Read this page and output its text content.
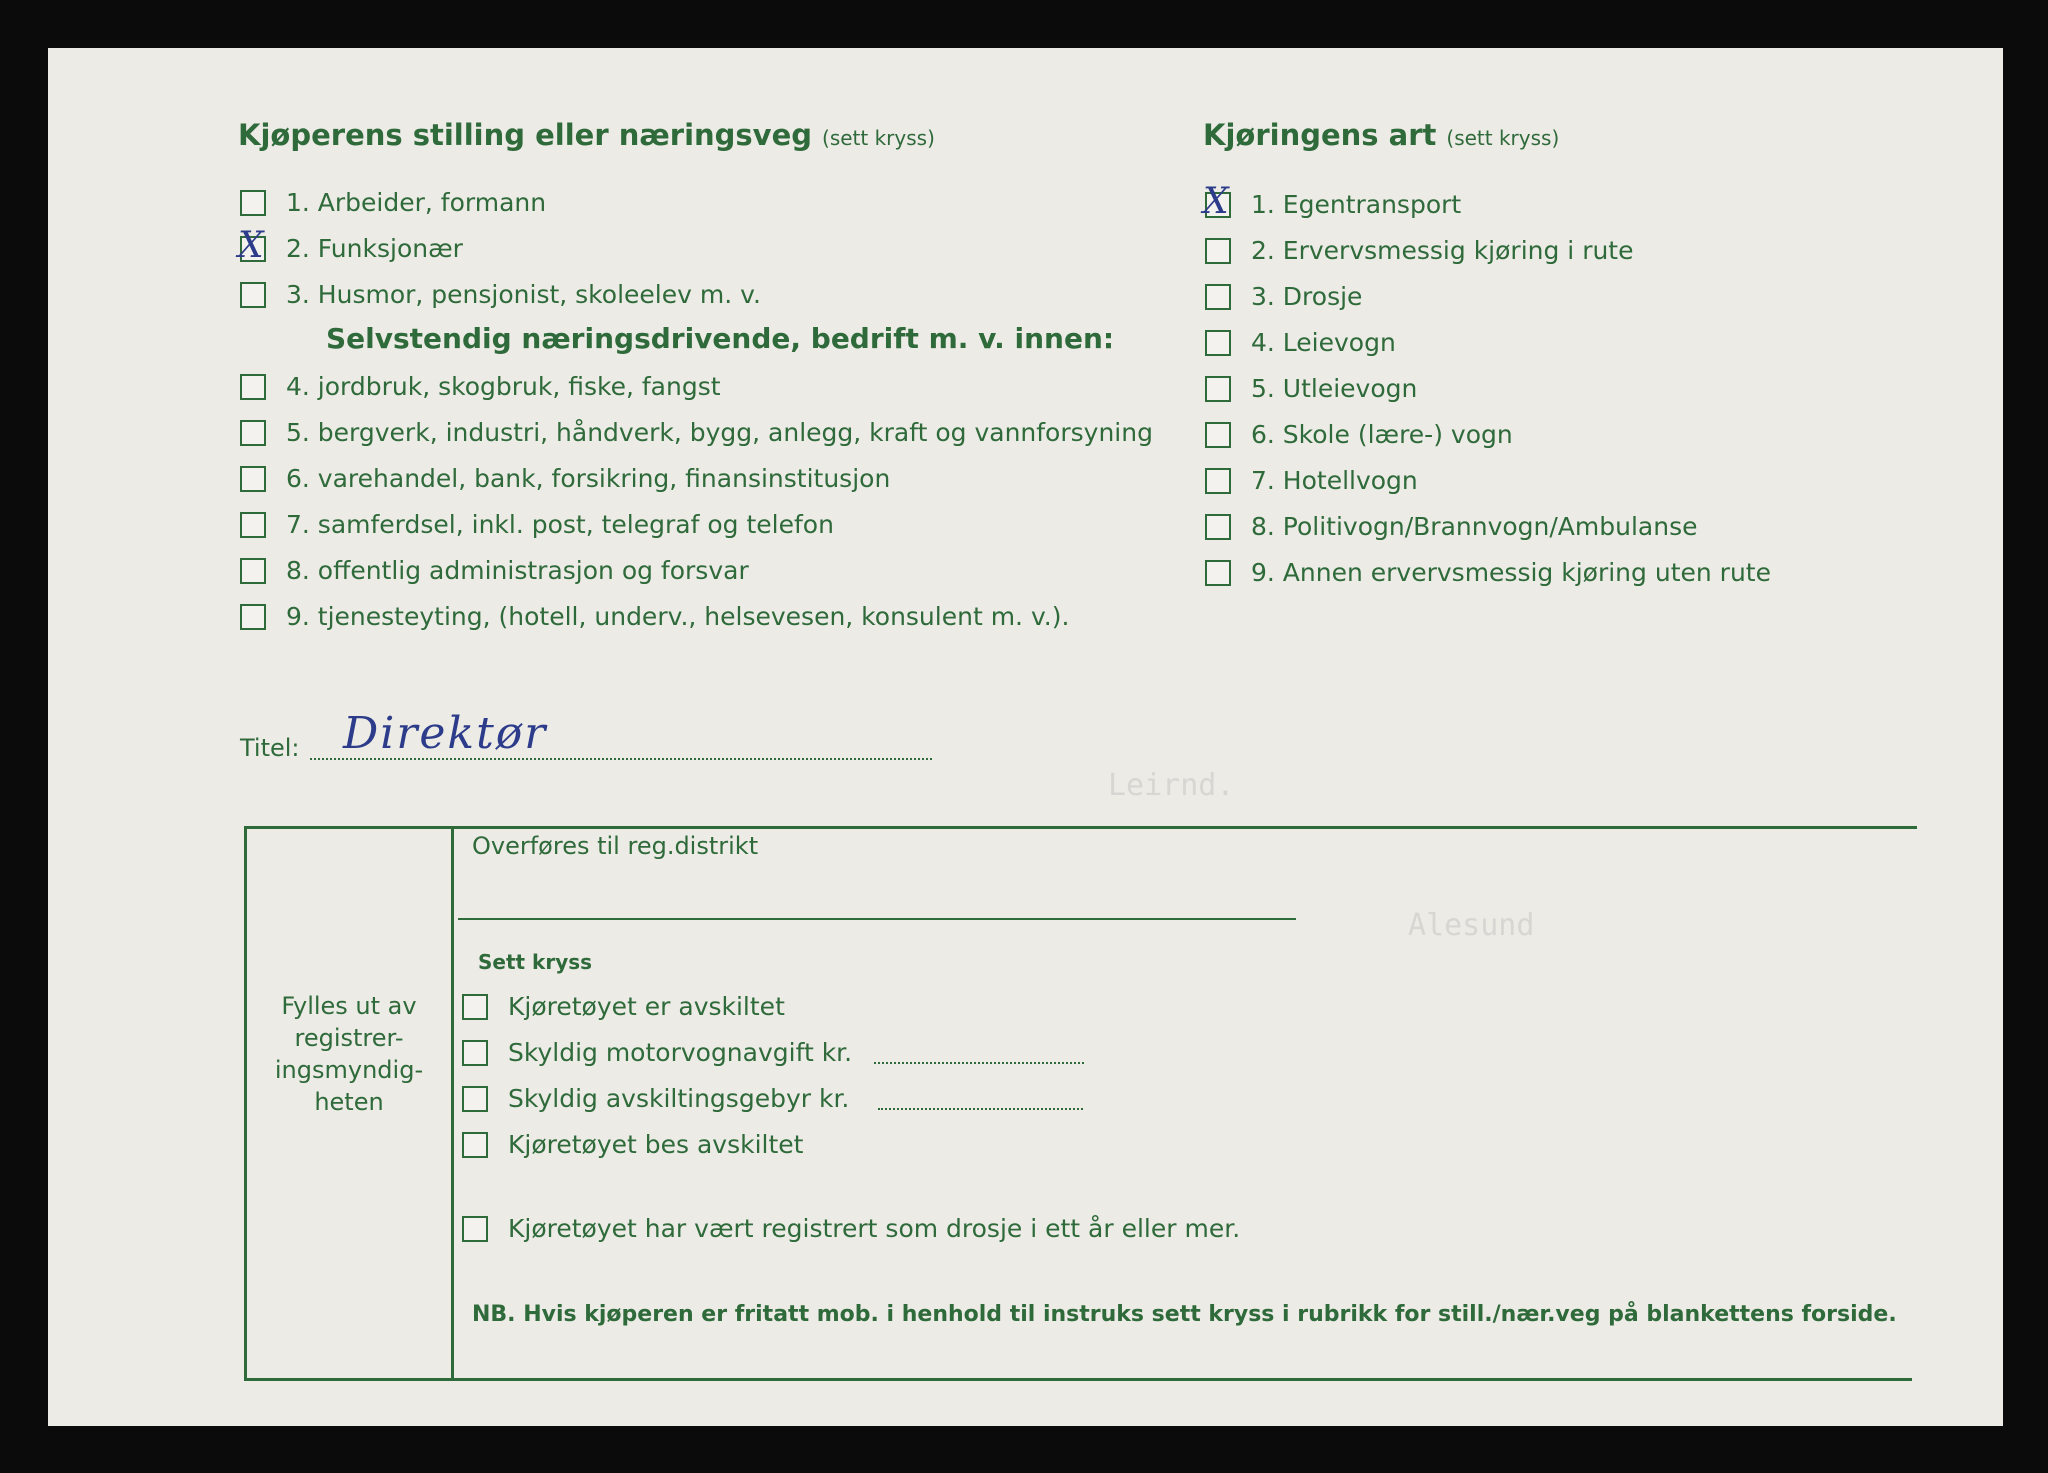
Leirnd.
Alesund
Kjøperens stilling eller næringsveg (sett kryss)
1. Arbeider, formann
X 2. Funksjonær
3. Husmor, pensjonist, skoleelev m. v.
Selvstendig næringsdrivende, bedrift m. v. innen:
4. jordbruk, skogbruk, fiske, fangst
5. bergverk, industri, håndverk, bygg, anlegg, kraft og vannforsyning
6. varehandel, bank, forsikring, finansinstitusjon
7. samferdsel, inkl. post, telegraf og telefon
8. offentlig administrasjon og forsvar
9. tjenesteyting, (hotell, underv., helsevesen, konsulent m. v.).
Kjøringens art (sett kryss)
X 1. Egentransport
2. Ervervsmessig kjøring i rute
3. Drosje
4. Leievogn
5. Utleievogn
6. Skole (lære-) vogn
7. Hotellvogn
8. Politivogn/Brannvogn/Ambulanse
9. Annen ervervsmessig kjøring uten rute
Titel: Direktør
Fylles ut av registrer- ingsmyndig- heten
Overføres til reg.distrikt
Sett kryss
Kjøretøyet er avskiltet
Skyldig motorvognavgift kr.
Skyldig avskiltingsgebyr kr.
Kjøretøyet bes avskiltet
Kjøretøyet har vært registrert som drosje i ett år eller mer.
NB. Hvis kjøperen er fritatt mob. i henhold til instruks sett kryss i rubrikk for still./nær.veg på blankettens forside.
